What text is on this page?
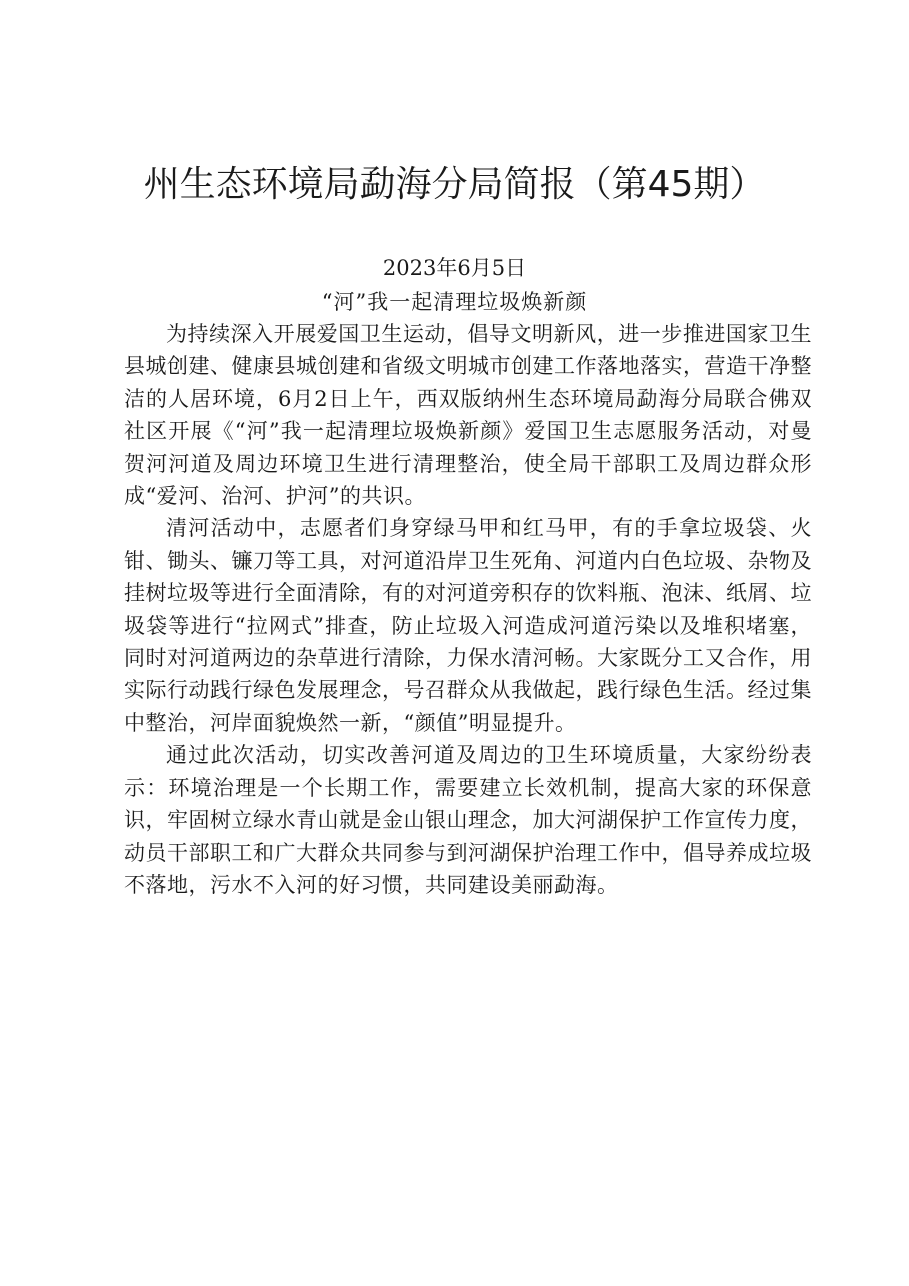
州生态环境局勐海分局简报（第45期）
2023年6月5日
“河”我一起清理垃圾焕新颜

为持续深入开展爱国卫生运动，倡导文明新风，进一步推进国家卫生县城创建、健康县城创建和省级文明城市创建工作落地落实，营造干净整洁的人居环境，6月2日上午，西双版纳州生态环境局勐海分局联合佛双社区开展《“河”我一起清理垃圾焕新颜》爱国卫生志愿服务活动，对曼贺河河道及周边环境卫生进行清理整治，使全局干部职工及周边群众形成“爱河、治河、护河”的共识。

清河活动中，志愿者们身穿绿马甲和红马甲，有的手拿垃圾袋、火钳、锄头、镰刀等工具，对河道沿岸卫生死角、河道内白色垃圾、杂物及挂树垃圾等进行全面清除，有的对河道旁积存的饮料瓶、泡沫、纸屑、垃圾袋等进行“拉网式”排查，防止垃圾入河造成河道污染以及堆积堵塞，同时对河道两边的杂草进行清除，力保水清河畅。大家既分工又合作，用实际行动践行绿色发展理念，号召群众从我做起，践行绿色生活。经过集中整治，河岸面貌焕然一新，“颜值”明显提升。

通过此次活动，切实改善河道及周边的卫生环境质量，大家纷纷表示：环境治理是一个长期工作，需要建立长效机制，提高大家的环保意识，牢固树立绿水青山就是金山银山理念，加大河湖保护工作宣传力度，动员干部职工和广大群众共同参与到河湖保护治理工作中，倡导养成垃圾不落地，污水不入河的好习惯，共同建设美丽勐海。
